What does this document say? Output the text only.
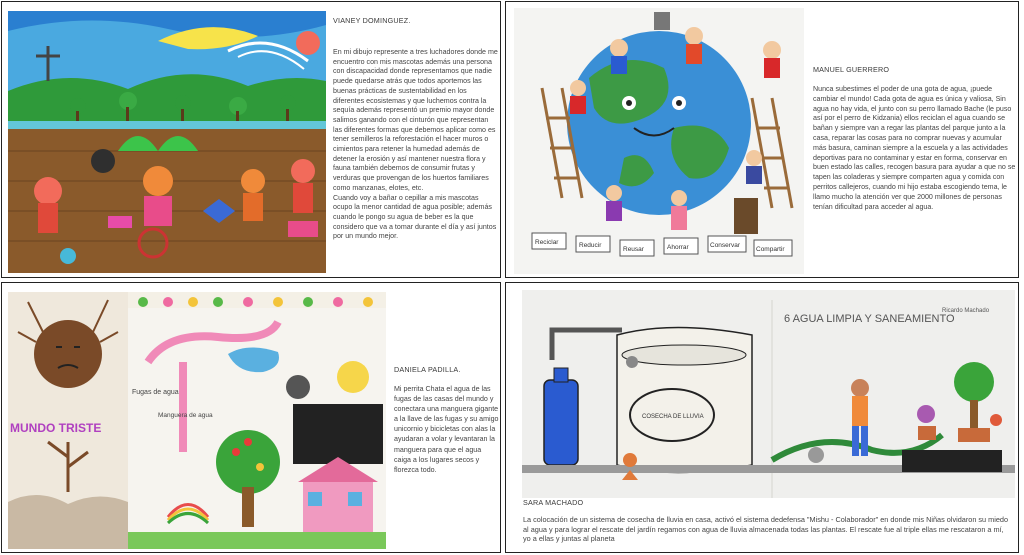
VIANEY DOMINGUEZ.

En mi dibujo represente a tres luchadores donde me encuentro con mis mascotas además una persona con discapacidad donde representamos que nadie puede quedarse atrás que todos aportemos las buenas prácticas de sustentabilidad en los diferentes ecosistemas y que luchemos contra la sequía además representó un premio mayor donde salimos ganando con el cinturón que representan las diferentes formas que debemos aplicar como es tener semilleros la reforestación el hacer muros o cimientos para retener la humedad además de detener la erosión y así mantener nuestra flora y fauna también debemos de consumir frutas y verduras que provengan de los huertos familiares como manzanas, elotes, etc.

Cuando voy a bañar o cepillar a mis mascotas ocupo la menor cantidad de agua posible; además cuando le pongo su agua de beber es la que considero que va a tomar durante el día y así juntos por un mundo mejor.

Reciclar	Reducir
Reusar	Ahorrar	Conservar
Compartir
MANUEL GUERRERO

Nunca subestimes el poder de una gota de agua, ¡puede cambiar el mundo! Cada gota de agua es única y valiosa, Sin agua no hay vida, el junto con su perro llamado Bache (le puso así por el perro de Kidzania) ellos reciclan el agua cuando se bañan y siempre van a regar las plantas del parque junto a la casa, reparar las cosas para no comprar nuevas y acumular más basura, caminan siempre a la escuela y a las actividades deportivas para no contaminar y estar en forma, conservar en buen estado las calles, recogen basura para ayudar a que no se tapen las coladeras y siempre comparten agua y comida con perritos callejeros, cuando mi hijo estaba escogiendo tema, le llamo mucho la atención ver que 2000 millones de personas tenían dificultad para acceder al agua.

MUNDO TRISTE
Fugas de agua
Manguera de agua
DANIELA PADILLA.

Mi perrita Chata el agua de las fugas de las casas del mundo y conectara una manguera gigante a la llave de las fugas y su amigo unicornio y bicicletas con alas la ayudaran a volar y levantaran la manguera para que el agua caiga a los lugares secos y florezca todo.

6 AGUA LIMPIA Y SANEAMIENTO
Ricardo Machado
COSECHA DE LLUVIA
SARA MACHADO

La colocación de un sistema de cosecha de lluvia en casa, activó el sistema dedefensa "Mishu - Colaborador" en donde mis Niñas olvidaron su miedo al agua y para lograr el rescate del jardín regamos con agua de lluvia almacenada todas las plantas. El rescate fue al triple ellas me rescataron a mí, yo a ellas y juntas al planeta
